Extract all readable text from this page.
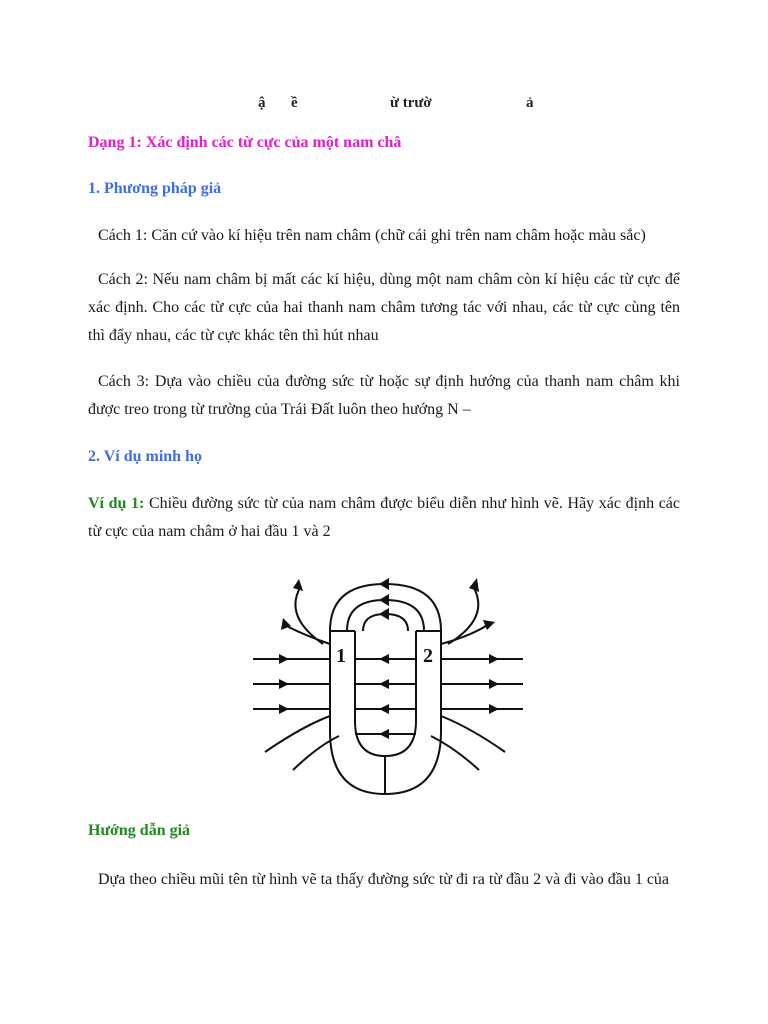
ậ ề	ừ trườ	ả
Dạng 1: Xác định các từ cực của một nam châ
1. Phương pháp giả
Cách 1: Căn cứ vào kí hiệu trên nam châm (chữ cái ghi trên nam châm hoặc màu sắc)
Cách 2: Nếu nam châm bị mất các kí hiệu, dùng một nam châm còn kí hiệu các từ cực để xác định. Cho các từ cực của hai thanh nam châm tương tác với nhau, các từ cực cùng tên thì đẩy nhau, các từ cực khác tên thì hút nhau
Cách 3: Dựa vào chiều của đường sức từ hoặc sự định hướng của thanh nam châm khi được treo trong từ trường của Trái Đất luôn theo hướng N –
2. Ví dụ minh họ
Ví dụ 1: Chiều đường sức từ của nam châm được biểu diễn như hình vẽ. Hãy xác định các từ cực của nam châm ở hai đầu 1 và 2
1	2
Hướng dẫn giả
Dựa theo chiều mũi tên từ hình vẽ ta thấy đường sức từ đi ra từ đầu 2 và đi vào đầu 1 của
